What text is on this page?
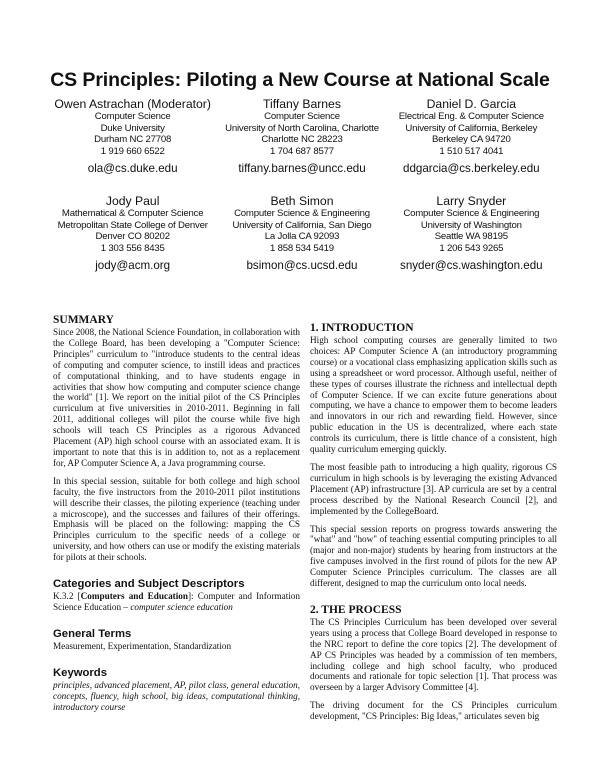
CS Principles: Piloting a New Course at National Scale
Owen Astrachan (Moderator)
Computer Science
Duke University
Durham NC 27708
1 919 660 6522
ola@cs.duke.edu
Tiffany Barnes
Computer Science
University of North Carolina, Charlotte
Charlotte NC 28223
1 704 687 8577
tiffany.barnes@uncc.edu
Daniel D. Garcia
Electrical Eng. & Computer Science
University of California, Berkeley
Berkeley CA 94720
1 510 517 4041
ddgarcia@cs.berkeley.edu
Jody Paul
Mathematical & Computer Science
Metropolitan State College of Denver
Denver CO 80202
1 303 556 8435
jody@acm.org
Beth Simon
Computer Science & Engineering
University of California, San Diego
La Jolla CA 92093
1 858 534 5419
bsimon@cs.ucsd.edu
Larry Snyder
Computer Science & Engineering
University of Washington
Seattle WA 98195
1 206 543 9265
snyder@cs.washington.edu
SUMMARY

Since 2008, the National Science Foundation, in collaboration with the College Board, has been developing a "Computer Science: Principles" curriculum to "introduce students to the central ideas of computing and computer science, to instill ideas and practices of computational thinking, and to have students engage in activities that show how computing and computer science change the world" [1]. We report on the initial pilot of the CS Principles curriculum at five universities in 2010-2011. Beginning in fall 2011, additional colleges will pilot the course while five high schools will teach CS Principles as a rigorous Advanced Placement (AP) high school course with an associated exam. It is important to note that this is in addition to, not as a replacement for, AP Computer Science A, a Java programming course.

In this special session, suitable for both college and high school faculty, the five instructors from the 2010-2011 pilot institutions will describe their classes, the piloting experience (teaching under a microscope), and the successes and failures of their offerings. Emphasis will be placed on the following: mapping the CS Principles curriculum to the specific needs of a college or university, and how others can use or modify the existing materials for pilots at their schools.

Categories and Subject Descriptors

K.3.2 [Computers and Education]: Computer and Information Science Education – computer science education

General Terms

Measurement, Experimentation, Standardization

Keywords

principles, advanced placement, AP, pilot class, general education, concepts, fluency, high school, big ideas, computational thinking, introductory course

1. INTRODUCTION

High school computing courses are generally limited to two choices: AP Computer Science A (an introductory programming course) or a vocational class emphasizing application skills such as using a spreadsheet or word processor. Although useful, neither of these types of courses illustrate the richness and intellectual depth of Computer Science. If we can excite future generations about computing, we have a chance to empower them to become leaders and innovators in our rich and rewarding field. However, since public education in the US is decentralized, where each state controls its curriculum, there is little chance of a consistent, high quality curriculum emerging quickly.

The most feasible path to introducing a high quality, rigorous CS curriculum in high schools is by leveraging the existing Advanced Placement (AP) infrastructure [3]. AP curricula are set by a central process described by the National Research Council [2], and implemented by the CollegeBoard.

This special session reports on progress towards answering the "what" and "how" of teaching essential computing principles to all (major and non-major) students by hearing from instructors at the five campuses involved in the first round of pilots for the new AP Computer Science Principles curriculum. The classes are all different, designed to map the curriculum onto local needs.

2. THE PROCESS

The CS Principles Curriculum has been developed over several years using a process that College Board developed in response to the NRC report to define the core topics [2]. The development of AP CS Principles was headed by a commission of ten members, including college and high school faculty, who produced documents and rationale for topic selection [1]. That process was overseen by a larger Advisory Committee [4].

The driving document for the CS Principles curriculum development, "CS Principles: Big Ideas," articulates seven big
